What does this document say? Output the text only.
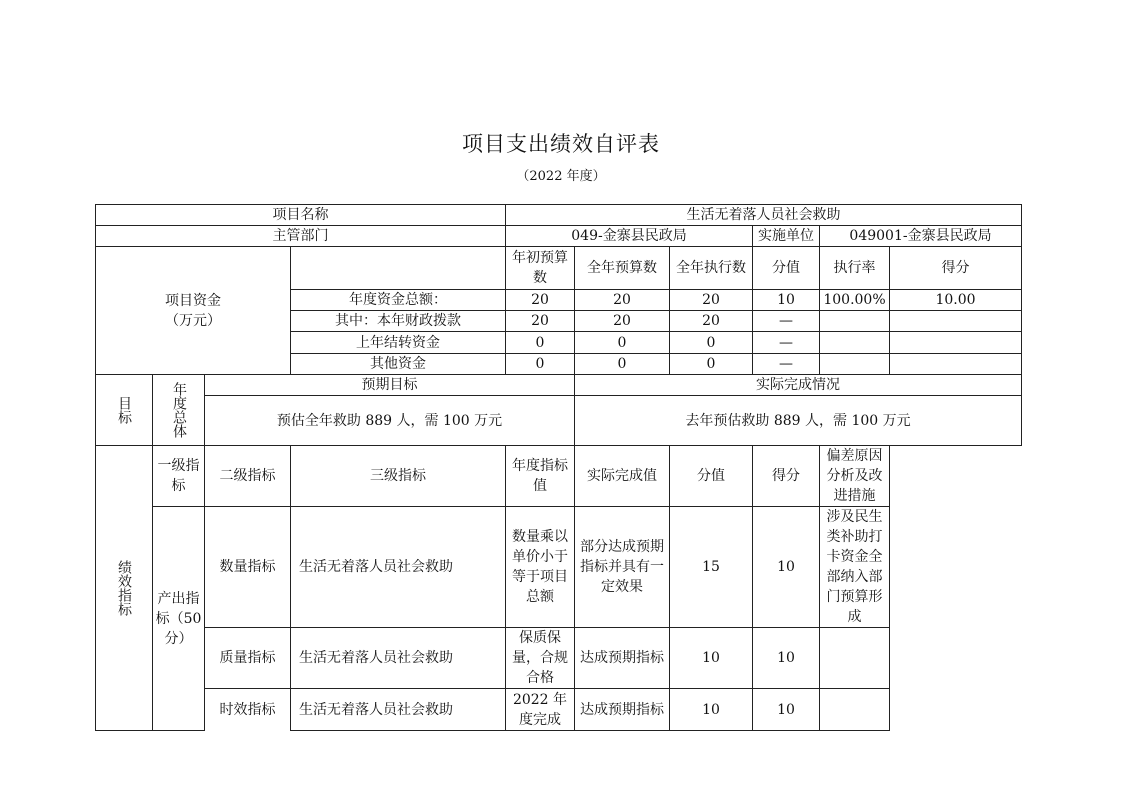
项目支出绩效自评表
（2022 年度）
项目名称				生活无着落人员社会救助					
主管部门				049-金寨县民政局			实施单位	049001-金寨县民政局	

项目资金
（万元）				年初预算数	全年预算数	全年执行数	分值	执行率	得分
			年度资金总额：	20	20	20	10	100.00%	10.00
			其中：本年财政拨款	20	20	20	—		
			上年结转资金	0	0	0	—		
			其他资金	0	0	0	—		

目标	年度总体	预期目标			实际完成情况				
		预估全年救助 889 人，需 100 万元			去年预估救助 889 人，需 100 万元				

绩效指标	一级指标	二级指标	三级指标	年度指标值	实际完成值	分值	得分	偏差原因分析及改进措施	
	产出指标（50分）	数量指标	生活无着落人员社会救助	数量乘以单价小于等于项目总额	部分达成预期指标并具有一定效果	15	10	涉及民生类补助打卡资金全部纳入部门预算形成	
		质量指标	生活无着落人员社会救助	保质保量，合规合格	达成预期指标	10	10		
		时效指标	生活无着落人员社会救助	2022 年度完成	达成预期指标	10	10		
